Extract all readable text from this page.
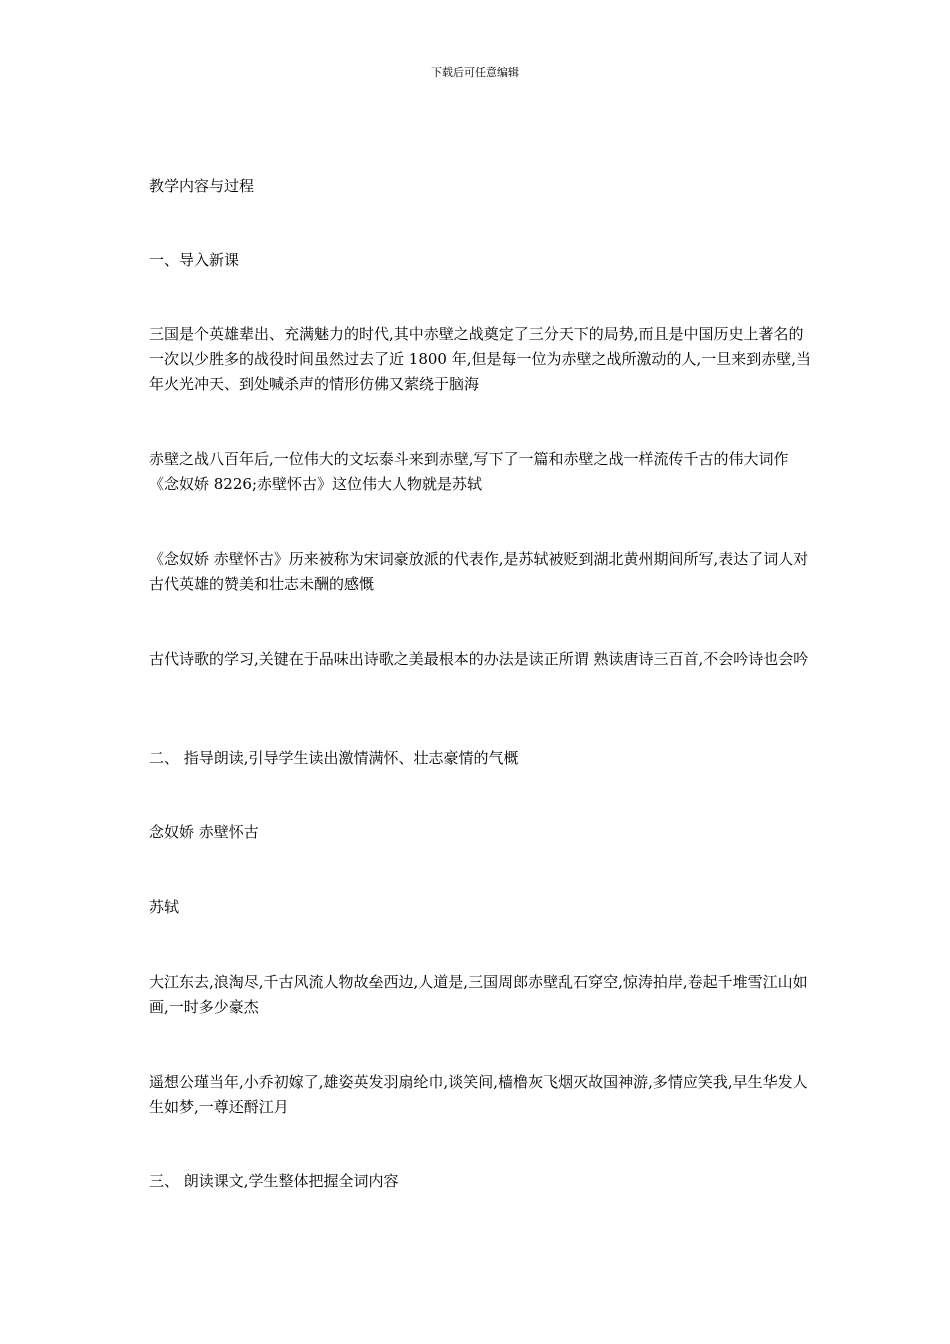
下载后可任意编辑

教学内容与过程

一、导入新课

三国是个英雄辈出、充满魅力的时代,其中赤壁之战奠定了三分天下的局势,而且是中国历史上著名的一次以少胜多的战役时间虽然过去了近 1800 年,但是每一位为赤壁之战所激动的人,一旦来到赤壁,当年火光冲天、到处喊杀声的情形仿佛又萦绕于脑海

赤壁之战八百年后,一位伟大的文坛泰斗来到赤壁,写下了一篇和赤壁之战一样流传千古的伟大词作 《念奴娇 8226;赤壁怀古》这位伟大人物就是苏轼

《念奴娇 赤壁怀古》历来被称为宋词豪放派的代表作,是苏轼被贬到湖北黄州期间所写,表达了词人对古代英雄的赞美和壮志未酬的感慨

古代诗歌的学习,关键在于品味出诗歌之美最根本的办法是读正所谓 熟读唐诗三百首,不会吟诗也会吟

二、 指导朗读,引导学生读出激情满怀、壮志豪情的气概

念奴娇 赤壁怀古

苏轼

大江东去,浪淘尽,千古风流人物故垒西边,人道是,三国周郎赤壁乱石穿空,惊涛拍岸,卷起千堆雪江山如画,一时多少豪杰

遥想公瑾当年,小乔初嫁了,雄姿英发羽扇纶巾,谈笑间,樯橹灰飞烟灭故国神游,多情应笑我,早生华发人生如梦,一尊还酹江月

三、 朗读课文,学生整体把握全词内容
